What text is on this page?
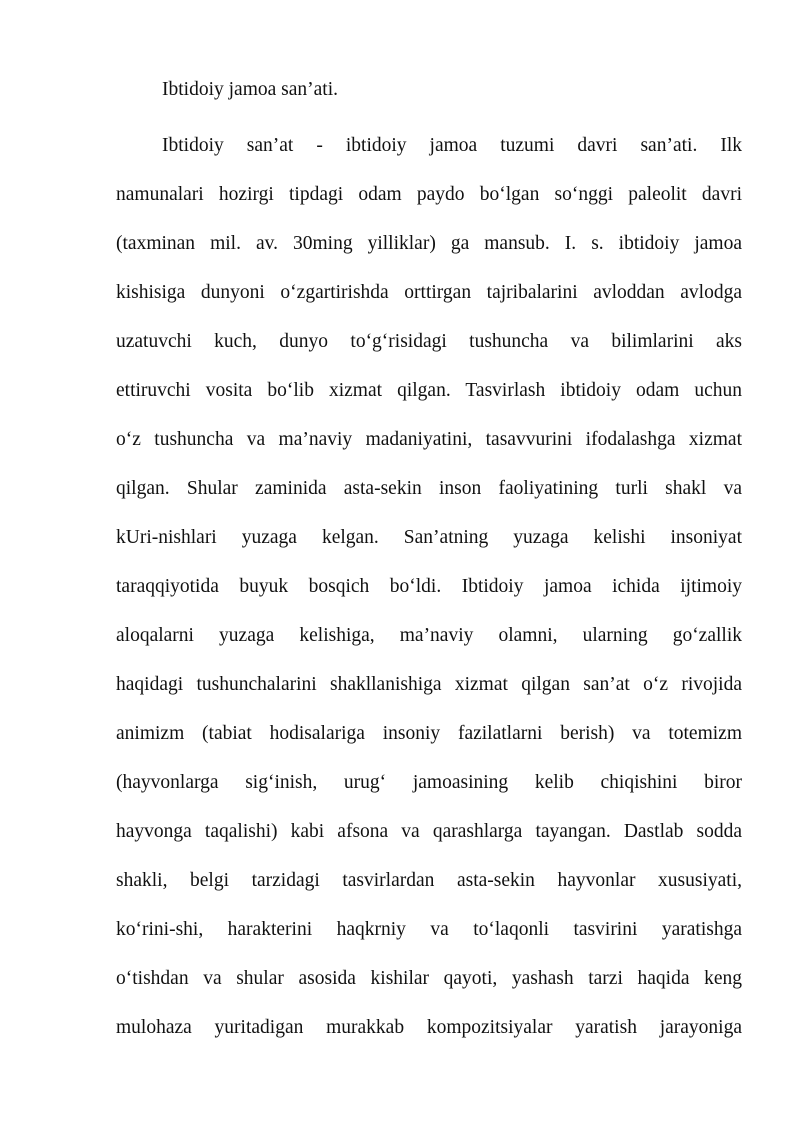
Ibtidoiy jamoa san’ati.
Ibtidoiy san’at - ibtidoiy jamoa tuzumi davri san’ati. Ilk
namunalari hozirgi tipdagi odam paydo bo‘lgan so‘nggi paleolit davri
(taxminan mil. av. 30ming yilliklar) ga mansub. I. s. ibtidoiy jamoa
kishisiga dunyoni o‘zgartirishda orttirgan tajribalarini avloddan avlodga
uzatuvchi kuch, dunyo to‘g‘risidagi tushuncha va bilimlarini aks
ettiruvchi vosita bo‘lib xizmat qilgan. Tasvirlash ibtidoiy odam uchun
o‘z tushuncha va ma’naviy madaniyatini, tasavvurini ifodalashga xizmat
qilgan. Shular zaminida asta-sekin inson faoliyatining turli shakl va
kUri-nishlari yuzaga kelgan. San’atning yuzaga kelishi insoniyat
taraqqiyotida buyuk bosqich bo‘ldi. Ibtidoiy jamoa ichida ijtimoiy
aloqalarni yuzaga kelishiga, ma’naviy olamni, ularning go‘zallik
haqidagi tushunchalarini shakllanishiga xizmat qilgan san’at o‘z rivojida
animizm (tabiat hodisalariga insoniy fazilatlarni berish) va totemizm
(hayvonlarga sig‘inish, urug‘ jamoasining kelib chiqishini biror
hayvonga taqalishi) kabi afsona va qarashlarga tayangan. Dastlab sodda
shakli, belgi tarzidagi tasvirlardan asta-sekin hayvonlar xususiyati,
ko‘rini-shi, harakterini haqkrniy va to‘laqonli tasvirini yaratishga
o‘tishdan va shular asosida kishilar qayoti, yashash tarzi haqida keng
mulohaza yuritadigan murakkab kompozitsiyalar yaratish jarayoniga
